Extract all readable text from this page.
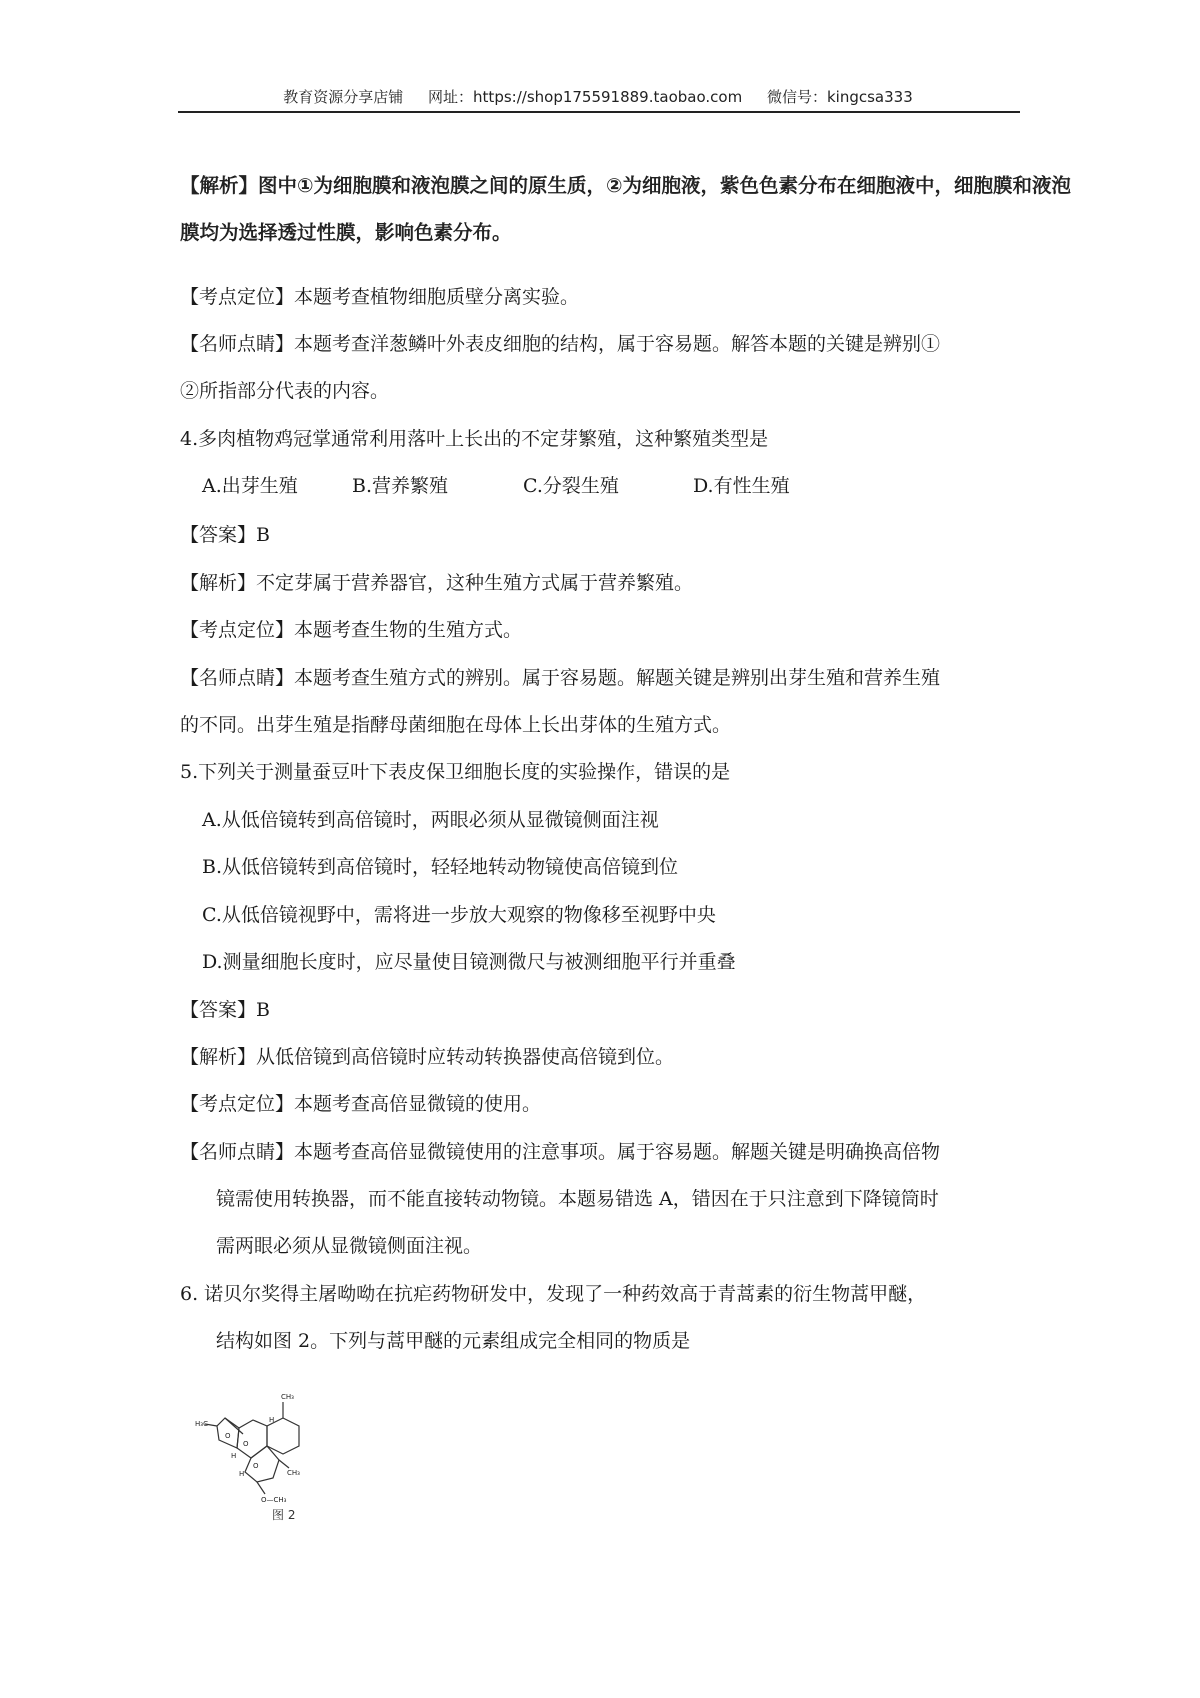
教育资源分享店铺 网址：https://shop175591889.taobao.com 微信号：kingcsa333
【解析】图中①为细胞膜和液泡膜之间的原生质，②为细胞液，紫色色素分布在细胞液中，细胞膜和液泡
膜均为选择透过性膜，影响色素分布。
【考点定位】本题考查植物细胞质壁分离实验。
【名师点睛】本题考查洋葱鳞叶外表皮细胞的结构，属于容易题。解答本题的关键是辨别①
②所指部分代表的内容。
4.多肉植物鸡冠掌通常利用落叶上长出的不定芽繁殖，这种繁殖类型是
A.出芽生殖	B.营养繁殖	C.分裂生殖	D.有性生殖
【答案】B
【解析】不定芽属于营养器官，这种生殖方式属于营养繁殖。
【考点定位】本题考查生物的生殖方式。
【名师点睛】本题考查生殖方式的辨别。属于容易题。解题关键是辨别出芽生殖和营养生殖
的不同。出芽生殖是指酵母菌细胞在母体上长出芽体的生殖方式。
5.下列关于测量蚕豆叶下表皮保卫细胞长度的实验操作，错误的是
A.从低倍镜转到高倍镜时，两眼必须从显微镜侧面注视
B.从低倍镜转到高倍镜时，轻轻地转动物镜使高倍镜到位
C.从低倍镜视野中，需将进一步放大观察的物像移至视野中央
D.测量细胞长度时，应尽量使目镜测微尺与被测细胞平行并重叠
【答案】B
【解析】从低倍镜到高倍镜时应转动转换器使高倍镜到位。
【考点定位】本题考查高倍显微镜的使用。
【名师点睛】本题考查高倍显微镜使用的注意事项。属于容易题。解题关键是明确换高倍物
镜需使用转换器，而不能直接转动物镜。本题易错选 A，错因在于只注意到下降镜筒时
需两眼必须从显微镜侧面注视。
6. 诺贝尔奖得主屠呦呦在抗疟药物研发中，发现了一种药效高于青蒿素的衍生物蒿甲醚，
结构如图 2。下列与蒿甲醚的元素组成完全相同的物质是
CH₃
H₃C
CH₃
O—CH₃
H
H
H
O
O
O
图 2
